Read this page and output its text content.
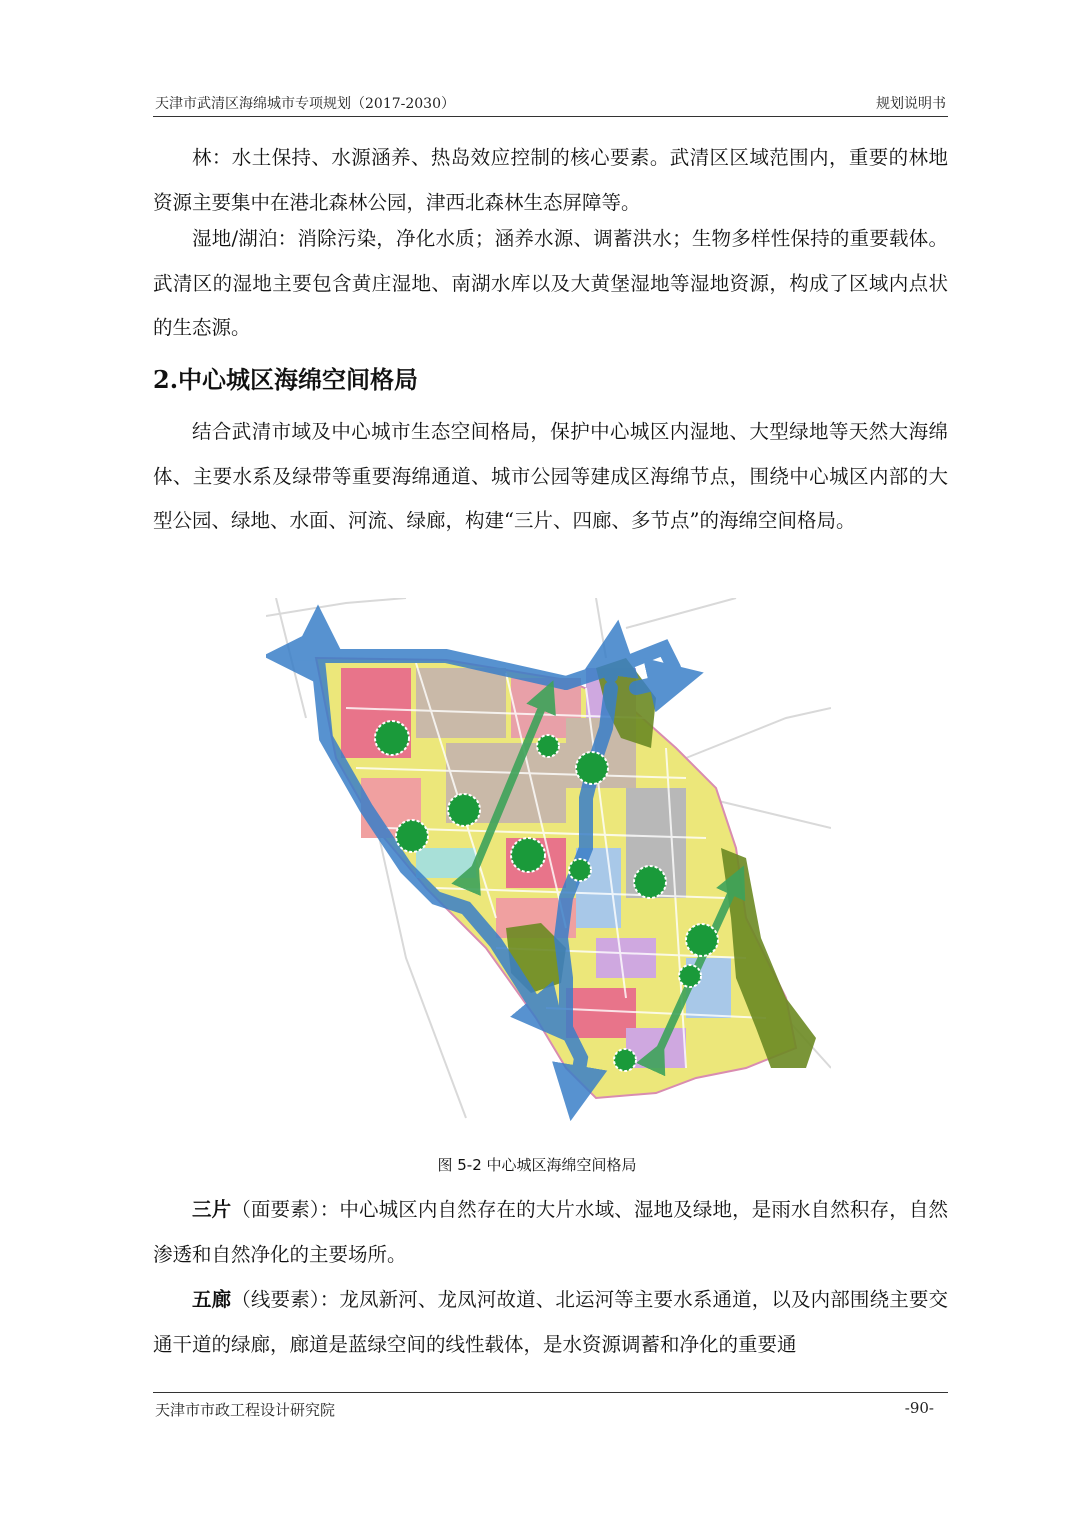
天津市武清区海绵城市专项规划（2017-2030）	规划说明书

林：水土保持、水源涵养、热岛效应控制的核心要素。武清区区域范围内，重要的林地资源主要集中在港北森林公园，津西北森林生态屏障等。

湿地/湖泊：消除污染，净化水质；涵养水源、调蓄洪水；生物多样性保持的重要载体。武清区的湿地主要包含黄庄湿地、南湖水库以及大黄堡湿地等湿地资源，构成了区域内点状的生态源。

2.中心城区海绵空间格局

结合武清市域及中心城市生态空间格局，保护中心城区内湿地、大型绿地等天然大海绵体、主要水系及绿带等重要海绵通道、城市公园等建成区海绵节点，围绕中心城区内部的大型公园、绿地、水面、河流、绿廊，构建“三片、四廊、多节点”的海绵空间格局。

图 5-2 中心城区海绵空间格局

三片（面要素）：中心城区内自然存在的大片水域、湿地及绿地，是雨水自然积存，自然渗透和自然净化的主要场所。

五廊（线要素）：龙凤新河、龙凤河故道、北运河等主要水系通道，以及内部围绕主要交通干道的绿廊，廊道是蓝绿空间的线性载体，是水资源调蓄和净化的重要通

天津市市政工程设计研究院	-90-
